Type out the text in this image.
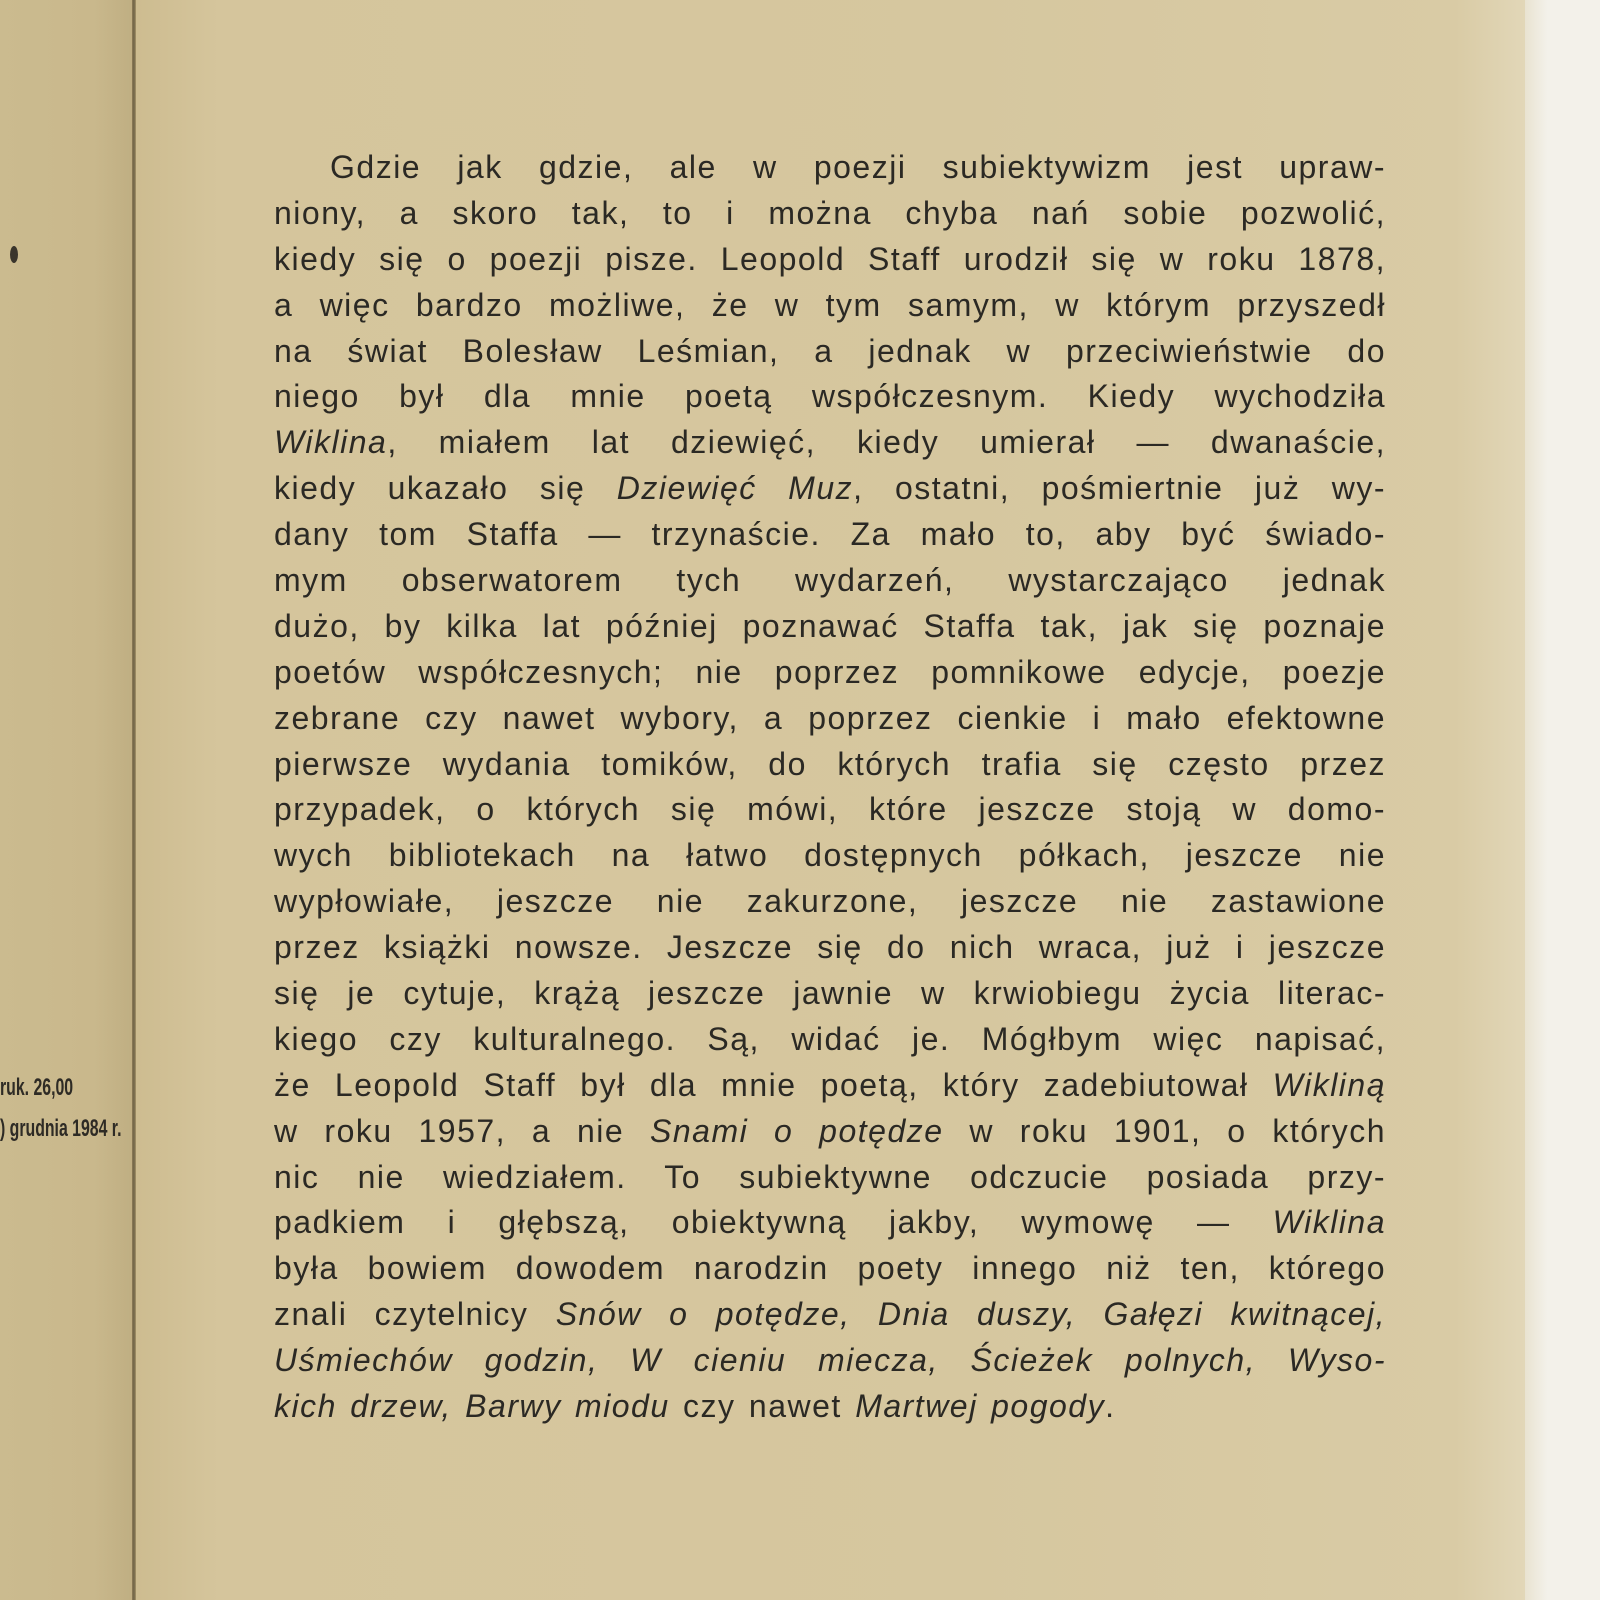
ruk. 26,00
) grudnia 1984 r.
Gdzie jak gdzie, ale w poezji subiektywizm jest upraw-
niony, a skoro tak, to i można chyba nań sobie pozwolić,
kiedy się o poezji pisze. Leopold Staff urodził się w roku 1878,
a więc bardzo możliwe, że w tym samym, w którym przyszedł
na świat Bolesław Leśmian, a jednak w przeciwieństwie do
niego był dla mnie poetą współczesnym. Kiedy wychodziła
Wiklina, miałem lat dziewięć, kiedy umierał — dwanaście,
kiedy ukazało się Dziewięć Muz, ostatni, pośmiertnie już wy-
dany tom Staffa — trzynaście. Za mało to, aby być świado-
mym obserwatorem tych wydarzeń, wystarczająco jednak
dużo, by kilka lat później poznawać Staffa tak, jak się poznaje
poetów współczesnych; nie poprzez pomnikowe edycje, poezje
zebrane czy nawet wybory, a poprzez cienkie i mało efektowne
pierwsze wydania tomików, do których trafia się często przez
przypadek, o których się mówi, które jeszcze stoją w domo-
wych bibliotekach na łatwo dostępnych półkach, jeszcze nie
wypłowiałe, jeszcze nie zakurzone, jeszcze nie zastawione
przez książki nowsze. Jeszcze się do nich wraca, już i jeszcze
się je cytuje, krążą jeszcze jawnie w krwiobiegu życia literac-
kiego czy kulturalnego. Są, widać je. Mógłbym więc napisać,
że Leopold Staff był dla mnie poetą, który zadebiutował Wikliną
w roku 1957, a nie Snami o potędze w roku 1901, o których
nic nie wiedziałem. To subiektywne odczucie posiada przy-
padkiem i głębszą, obiektywną jakby, wymowę — Wiklina
była bowiem dowodem narodzin poety innego niż ten, którego
znali czytelnicy Snów o potędze, Dnia duszy, Gałęzi kwitnącej,
Uśmiechów godzin, W cieniu miecza, Ścieżek polnych, Wyso-
kich drzew, Barwy miodu czy nawet Martwej pogody.
